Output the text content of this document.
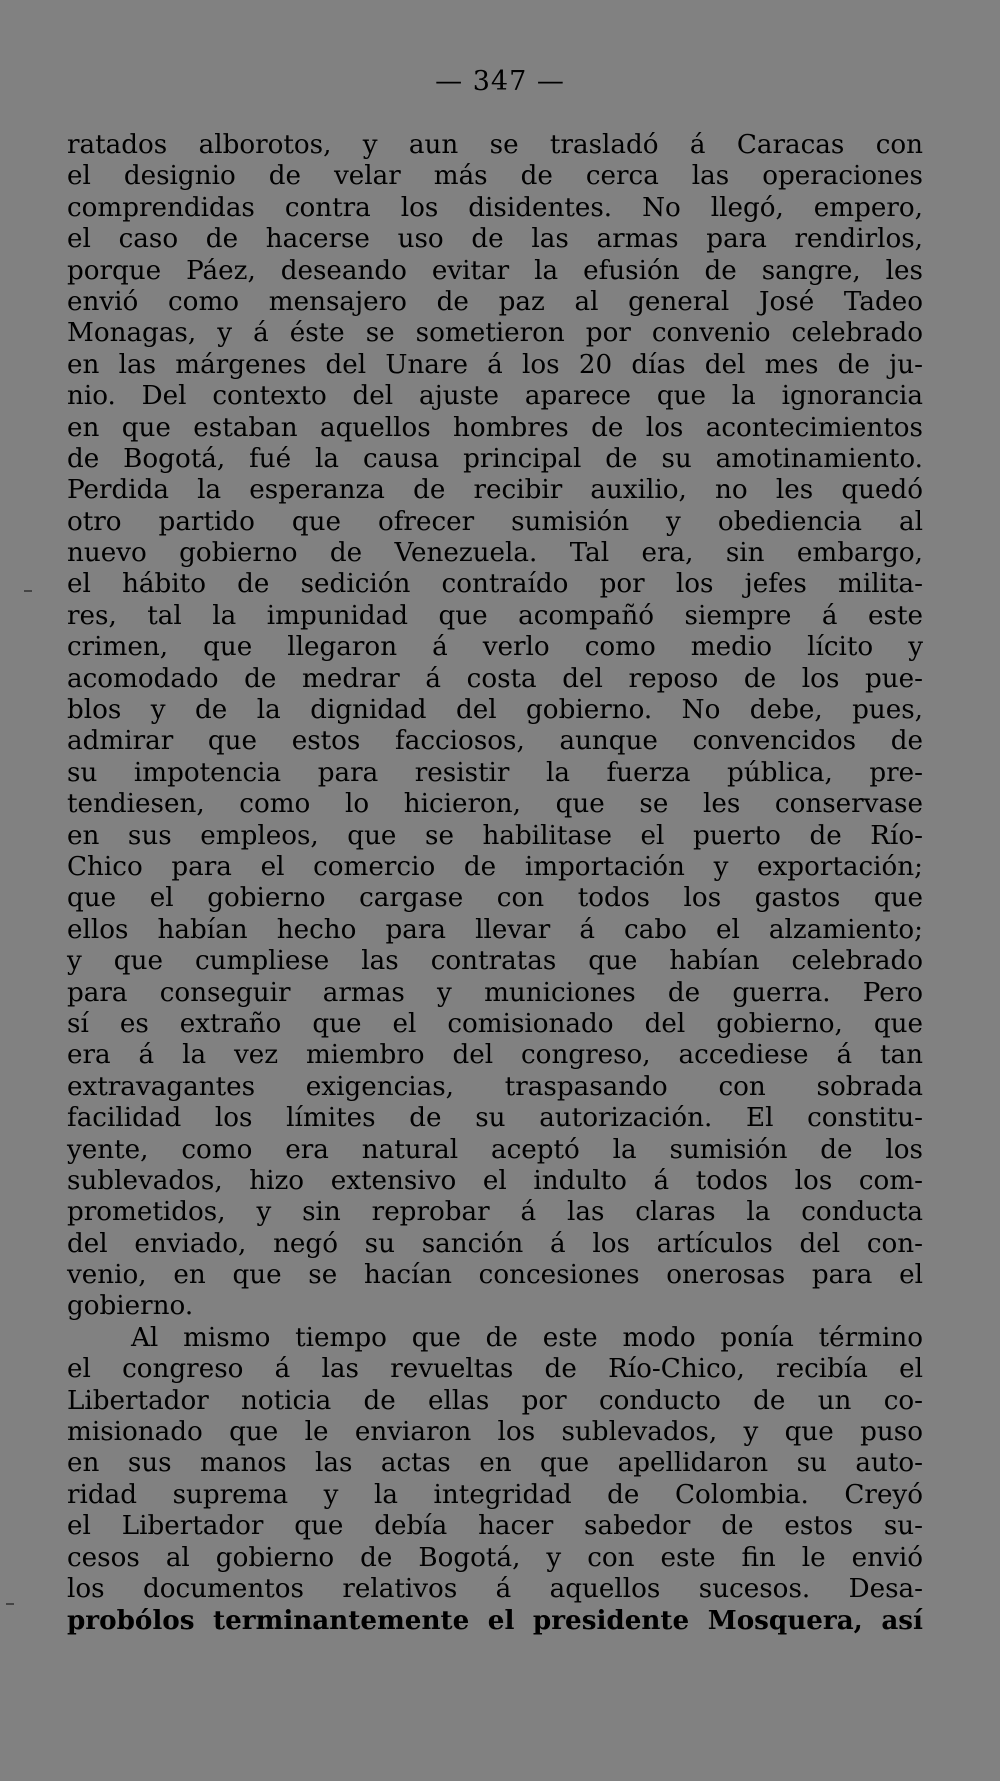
— 347 —
ratados alborotos, y aun se trasladó á Caracas con
el designio de velar más de cerca las operaciones
comprendidas contra los disidentes. No llegó, empero,
el caso de hacerse uso de las armas para rendirlos,
porque Páez, deseando evitar la efusión de sangre, les
envió como mensajero de paz al general José Tadeo
Monagas, y á éste se sometieron por convenio celebrado
en las márgenes del Unare á los 20 días del mes de ju-
nio. Del contexto del ajuste aparece que la ignorancia
en que estaban aquellos hombres de los acontecimientos
de Bogotá, fué la causa principal de su amotinamiento.
Perdida la esperanza de recibir auxilio, no les quedó
otro partido que ofrecer sumisión y obediencia al
nuevo gobierno de Venezuela. Tal era, sin embargo,
el hábito de sedición contraído por los jefes milita-
res, tal la impunidad que acompañó siempre á este
crimen, que llegaron á verlo como medio lícito y
acomodado de medrar á costa del reposo de los pue-
blos y de la dignidad del gobierno. No debe, pues,
admirar que estos facciosos, aunque convencidos de
su impotencia para resistir la fuerza pública, pre-
tendiesen, como lo hicieron, que se les conservase
en sus empleos, que se habilitase el puerto de Río-
Chico para el comercio de importación y exportación;
que el gobierno cargase con todos los gastos que
ellos habían hecho para llevar á cabo el alzamiento;
y que cumpliese las contratas que habían celebrado
para conseguir armas y municiones de guerra. Pero
sí es extraño que el comisionado del gobierno, que
era á la vez miembro del congreso, accediese á tan
extravagantes exigencias, traspasando con sobrada
facilidad los límites de su autorización. El constitu-
yente, como era natural aceptó la sumisión de los
sublevados, hizo extensivo el indulto á todos los com-
prometidos, y sin reprobar á las claras la conducta
del enviado, negó su sanción á los artículos del con-
venio, en que se hacían concesiones onerosas para el
gobierno.
Al mismo tiempo que de este modo ponía término
el congreso á las revueltas de Río-Chico, recibía el
Libertador noticia de ellas por conducto de un co-
misionado que le enviaron los sublevados, y que puso
en sus manos las actas en que apellidaron su auto-
ridad suprema y la integridad de Colombia. Creyó
el Libertador que debía hacer sabedor de estos su-
cesos al gobierno de Bogotá, y con este fin le envió
los documentos relativos á aquellos sucesos. Desa-
probólos terminantemente el presidente Mosquera, así
